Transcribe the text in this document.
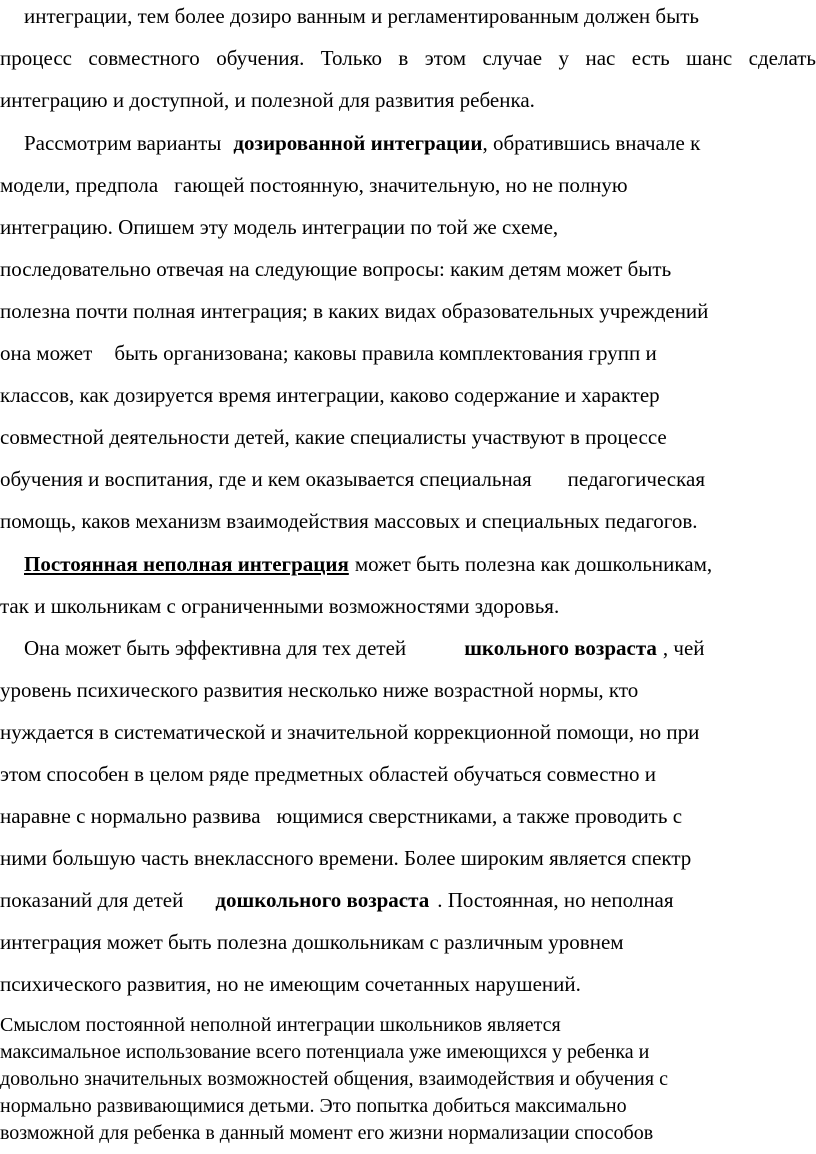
интеграции, тем более дозиро ванным и регламентированным должен быть
процесс совместного обучения. Только в этом случае у нас есть шанс сделать
интеграцию и доступной, и полезной для развития ребенка.
Рассмотрим варианты дозированной интеграции, обратившись вначале к
модели, предпола гающей постоянную, значительную, но не полную
интеграцию. Опишем эту модель интеграции по той же схеме,
последовательно отвечая на следующие вопросы: каким детям может быть
полезна почти полная интеграция; в каких видах образовательных учреждений
она может быть организована; каковы правила комплектования групп и
классов, как дозируется время интеграции, каково содержание и характер
совместной деятельности детей, какие специалисты участвуют в процессе
обучения и воспитания, где и кем оказывается специальная педагогическая
помощь, каков механизм взаимодействия массовых и специальных педагогов.
Постоянная неполная интеграция может быть полезна как дошкольникам,
так и школьникам с ограниченными возможностями здоровья.
Она может быть эффективна для тех детей	школьного возраста , чей
уровень психического развития несколько ниже возрастной нормы, кто
нуждается в систематической и значительной коррекционной помощи, но при
этом способен в целом ряде предметных областей обучаться совместно и
наравне с нормально развива ющимися сверстниками, а также проводить с
ними большую часть внеклассного времени. Более широким является спектр
показаний для детей дошкольного возраста . Постоянная, но неполная
интеграция может быть полезна дошкольникам с различным уровнем
психического развития, но не имеющим сочетанных нарушений.
Смыслом постоянной неполной интеграции школьников является
максимальное использование всего потенциала уже имеющихся у ребенка и
довольно значительных возможностей общения, взаимодействия и обучения с
нормально развивающимися детьми. Это попытка добиться максимально
возможной для ребенка в данный момент его жизни нормализации способов
